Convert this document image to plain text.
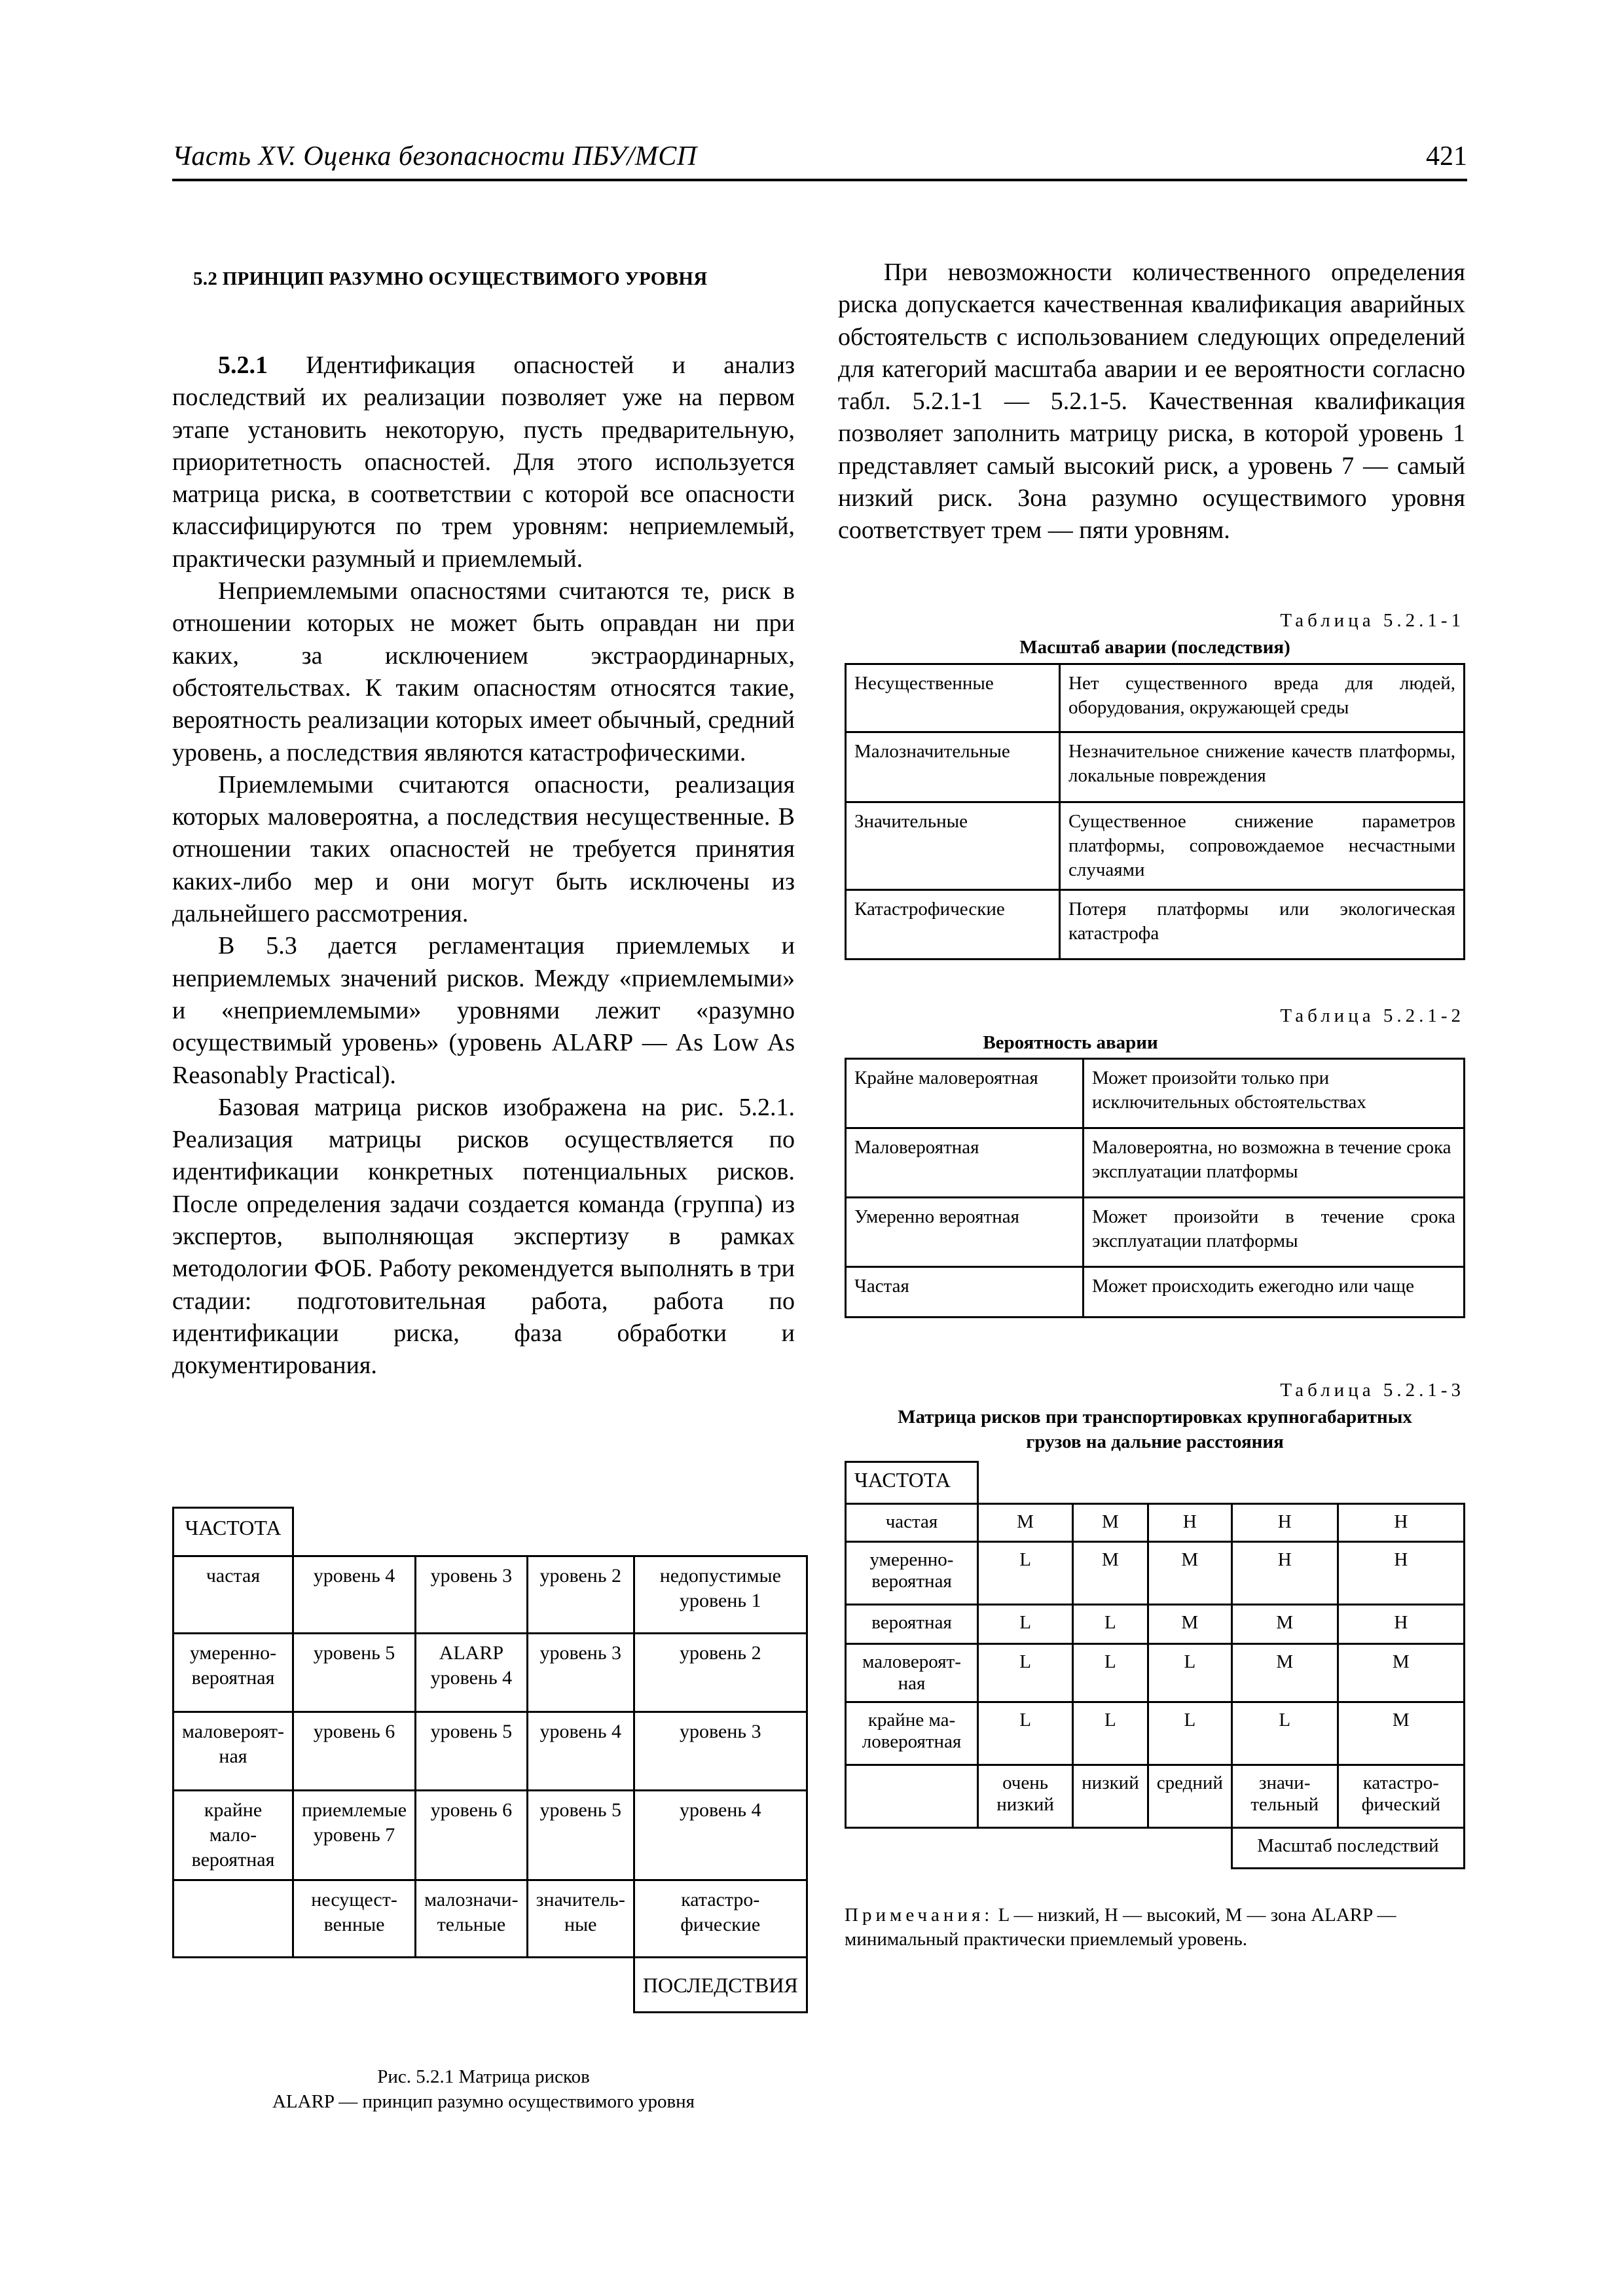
Часть XV. Оценка безопасности ПБУ/МСП	421
5.2 ПРИНЦИП РАЗУМНО ОСУЩЕСТВИМОГО УРОВНЯ

5.2.1 Идентификация опасностей и анализ последствий их реализации позволяет уже на первом этапе установить некоторую, пусть предварительную, приоритетность опасностей. Для этого используется матрица риска, в соответствии с которой все опасности классифицируются по трем уровням: неприемлемый, практически разумный и приемлемый.

Неприемлемыми опасностями считаются те, риск в отношении которых не может быть оправдан ни при каких, за исключением экстраординарных, обстоятельствах. К таким опасностям относятся такие, вероятность реализации которых имеет обычный, средний уровень, а последствия являются катастрофическими.

Приемлемыми считаются опасности, реализация которых маловероятна, а последствия несущественные. В отношении таких опасностей не требуется принятия каких-либо мер и они могут быть исключены из дальнейшего рассмотрения.

В 5.3 дается регламентация приемлемых и неприемлемых значений рисков. Между «приемлемыми» и «неприемлемыми» уровнями лежит «разумно осуществимый уровень» (уровень ALARP — As Low As Reasonably Practical).

Базовая матрица рисков изображена на рис. 5.2.1. Реализация матрицы рисков осуществляется по идентификации конкретных потенциальных рисков. После определения задачи создается команда (группа) из экспертов, выполняющая экспертизу в рамках методологии ФОБ. Работу рекомендуется выполнять в три стадии: подготовительная работа, работа по идентификации риска, фаза обработки и документирования.

При невозможности количественного определения риска допускается качественная квалификация аварийных обстоятельств с использованием следующих определений для категорий масштаба аварии и ее вероятности согласно табл. 5.2.1-1 — 5.2.1-5. Качественная квалификация позволяет заполнить матрицу риска, в которой уровень 1 представляет самый высокий риск, а уровень 7 — самый низкий риск. Зона разумно осуществимого уровня соответствует трем — пяти уровням.

Таблица 5.2.1-1
Масштаб аварии (последствия)
Несущественные	Нет существенного вреда для людей, оборудования, окружающей среды
Малозначительные	Незначительное снижение качеств платформы, локальные повреждения
Значительные	Существенное снижение параметров платформы, сопровождаемое несчастными случаями
Катастрофические	Потеря платформы или экологическая катастрофа
Таблица 5.2.1-2
Вероятность аварии
Крайне маловероятная	Может произойти только при исключительных обстоятельствах
Маловероятная	Маловероятна, но возможна в течение срока эксплуатации платформы
Умеренно вероятная	Может произойти в течение срока эксплуатации платформы
Частая	Может происходить ежегодно или чаще
Таблица 5.2.1-3
Матрица рисков при транспортировках крупногабаритных
грузов на дальние расстояния
ЧАСТОТА					
частая	M	M	H	H	H
умеренно-вероятная	L	M	M	H	H
вероятная	L	L	M	M	H
маловероят-ная	L	L	L	M	M
крайне ма-ловероятная	L	L	L	L	M
	очень низкий	низкий	средний	значи-тельный	катастро-фический
				Масштаб последствий	
Примечания: L — низкий, H — высокий, M — зона ALARP — минимальный практически приемлемый уровень.
ЧАСТОТА				
частая	уровень 4	уровень 3	уровень 2	недопустимые уровень 1
умеренно-вероятная	уровень 5	ALARP уровень 4	уровень 3	уровень 2
маловероят-ная	уровень 6	уровень 5	уровень 4	уровень 3
крайне мало-вероятная	приемлемые уровень 7	уровень 6	уровень 5	уровень 4
	несущест-венные	малозначи-тельные	значитель-ные	катастро-фические
				ПОСЛЕДСТВИЯ
Рис. 5.2.1 Матрица рисков
ALARP — принцип разумно осуществимого уровня
